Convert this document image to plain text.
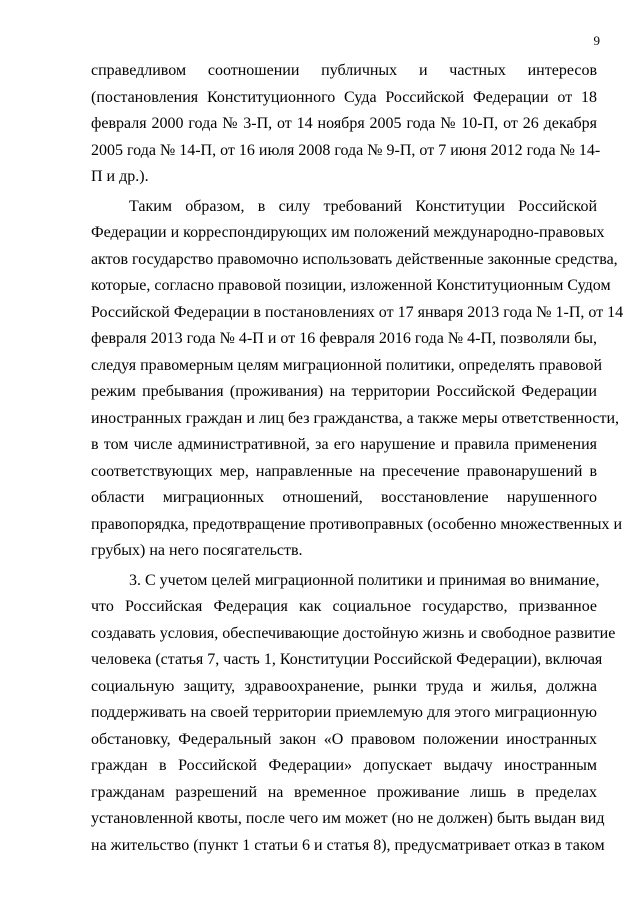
9
справедливом соотношении публичных и частных интересов
(постановления Конституционного Суда Российской Федерации от 18
февраля 2000 года № 3-П, от 14 ноября 2005 года № 10-П, от 26 декабря
2005 года № 14-П, от 16 июля 2008 года № 9-П, от 7 июня 2012 года № 14-
П и др.).
Таким образом, в силу требований Конституции Российской
Федерации и корреспондирующих им положений международно-правовых
актов государство правомочно использовать действенные законные средства,
которые, согласно правовой позиции, изложенной Конституционным Судом
Российской Федерации в постановлениях от 17 января 2013 года № 1-П, от 14
февраля 2013 года № 4-П и от 16 февраля 2016 года № 4-П, позволяли бы,
следуя правомерным целям миграционной политики, определять правовой
режим пребывания (проживания) на территории Российской Федерации
иностранных граждан и лиц без гражданства, а также меры ответственности,
в том числе административной, за его нарушение и правила применения
соответствующих мер, направленные на пресечение правонарушений в
области миграционных отношений, восстановление нарушенного
правопорядка, предотвращение противоправных (особенно множественных и
грубых) на него посягательств.
3. С учетом целей миграционной политики и принимая во внимание,
что Российская Федерация как социальное государство, призванное
создавать условия, обеспечивающие достойную жизнь и свободное развитие
человека (статья 7, часть 1, Конституции Российской Федерации), включая
социальную защиту, здравоохранение, рынки труда и жилья, должна
поддерживать на своей территории приемлемую для этого миграционную
обстановку, Федеральный закон «О правовом положении иностранных
граждан в Российской Федерации» допускает выдачу иностранным
гражданам разрешений на временное проживание лишь в пределах
установленной квоты, после чего им может (но не должен) быть выдан вид
на жительство (пункт 1 статьи 6 и статья 8), предусматривает отказ в таком
